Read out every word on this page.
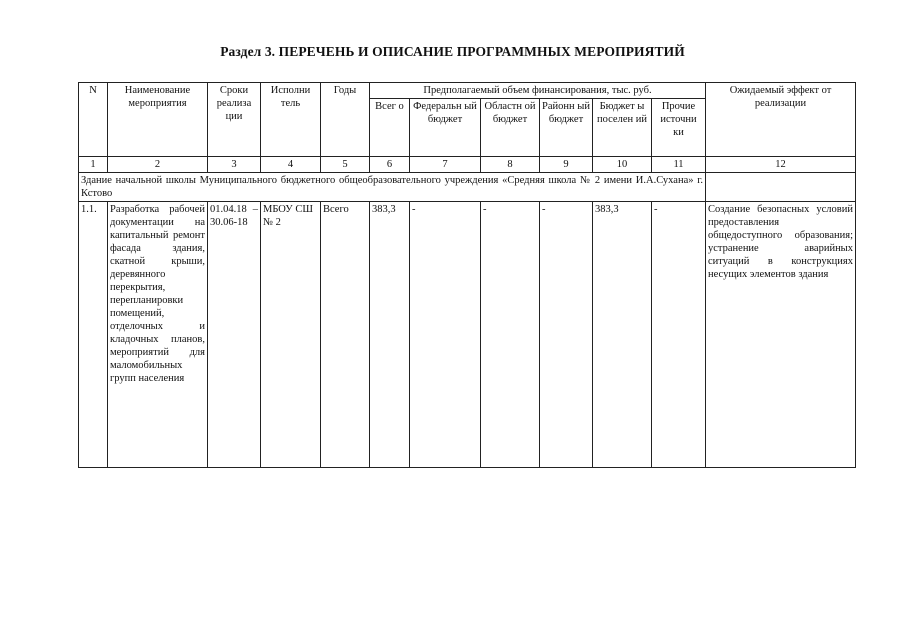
Раздел 3. ПЕРЕЧЕНЬ И ОПИСАНИЕ ПРОГРАММНЫХ МЕРОПРИЯТИЙ
N	Наименование мероприятия	Сроки реализа ции	Исполни тель	Годы	Предполагаемый объем финансирования, тыс. руб.						Ожидаемый эффект от реализации
					Всег о	Федеральн ый бюджет	Областн ой бюджет	Районн ый бюджет	Бюджет ы поселен ий	Прочие источни ки	
1	2	3	4	5	6	7	8	9	10	11	12
Здание начальной школы Муниципального бюджетного общеобразовательного учреждения «Средняя школа № 2 имени И.А.Сухана» г. Кстово											
1.1.	Разработка рабочей документации на капитальный ремонт фасада здания, скатной крыши, деревянного перекрытия, перепланировки помещений, отделочных и кладочных планов, мероприятий для маломобильных групп населения	01.04.18 – 30.06-18	МБОУ СШ № 2	Всего	383,3	-	-	-	383,3	-	Создание безопасных условий предоставления общедоступного образования; устранение аварийных ситуаций в конструкциях несущих элементов здания
